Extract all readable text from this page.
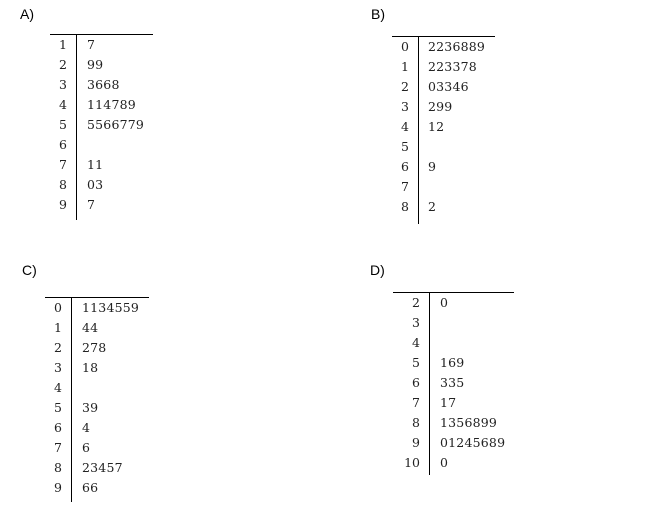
A)	B)
C)	D)
1 7
2 99
3 3668
4 114789
5 5566779
6
7 11
8 03
9 7
0 2236889
1 223378
2 03346
3 299
4 12
5
6 9
7
8 2
0 1134559
1 44
2 278
3 18
4
5 39
6 4
7 6
8 23457
9 66
2 0
3
4
5 169
6 335
7 17
8 1356899
9 01245689
10 0
